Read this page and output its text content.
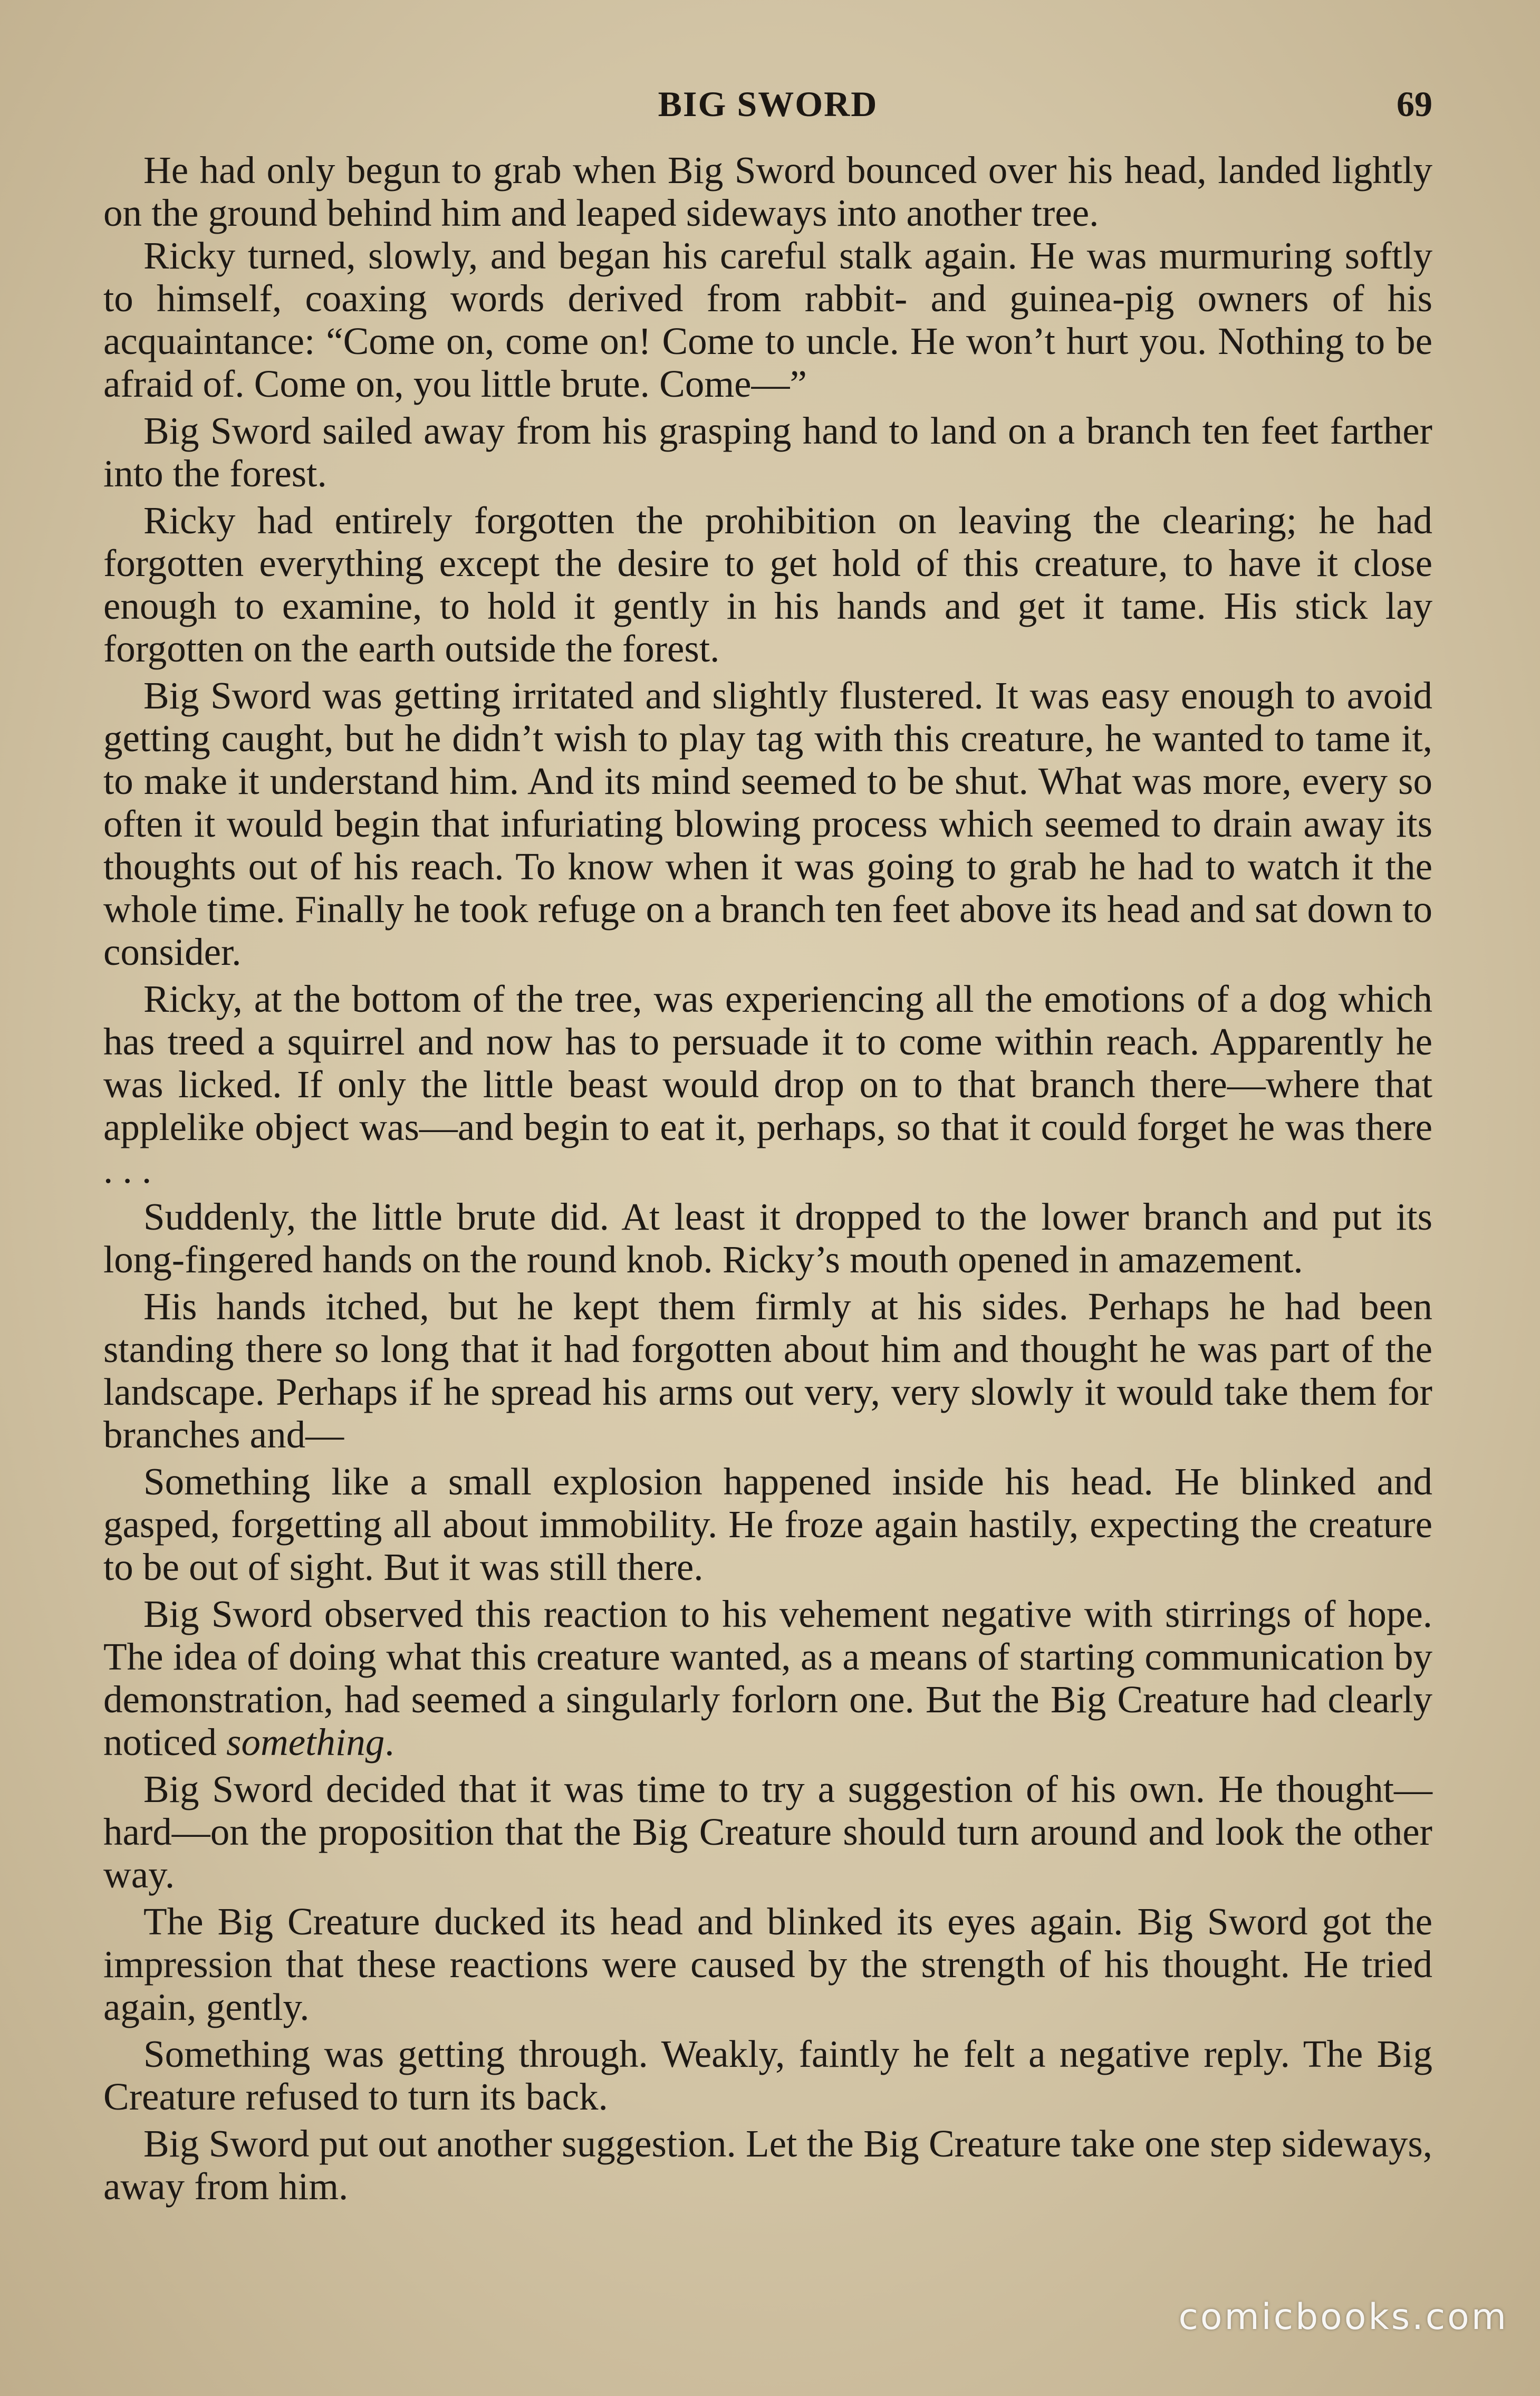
BIG SWORD	69

He had only begun to grab when Big Sword bounced over his head, landed lightly on the ground behind him and leaped sideways into another tree.

Ricky turned, slowly, and began his careful stalk again. He was murmuring softly to himself, coaxing words derived from rabbit- and guinea-pig owners of his acquaintance: “Come on, come on! Come to uncle. He won’t hurt you. Nothing to be afraid of. Come on, you little brute. Come—”

Big Sword sailed away from his grasping hand to land on a branch ten feet farther into the forest.

Ricky had entirely forgotten the prohibition on leaving the clearing; he had forgotten everything except the desire to get hold of this creature, to have it close enough to examine, to hold it gently in his hands and get it tame. His stick lay forgotten on the earth outside the forest.

Big Sword was getting irritated and slightly flustered. It was easy enough to avoid getting caught, but he didn’t wish to play tag with this creature, he wanted to tame it, to make it understand him. And its mind seemed to be shut. What was more, every so often it would begin that infuriating blowing process which seemed to drain away its thoughts out of his reach. To know when it was going to grab he had to watch it the whole time. Finally he took refuge on a branch ten feet above its head and sat down to consider.

Ricky, at the bottom of the tree, was experiencing all the emotions of a dog which has treed a squirrel and now has to persuade it to come within reach. Apparently he was licked. If only the little beast would drop on to that branch there—where that applelike object was—and begin to eat it, perhaps, so that it could forget he was there . . .

Suddenly, the little brute did. At least it dropped to the lower branch and put its long-fingered hands on the round knob. Ricky’s mouth opened in amazement.

His hands itched, but he kept them firmly at his sides. Perhaps he had been standing there so long that it had forgotten about him and thought he was part of the landscape. Perhaps if he spread his arms out very, very slowly it would take them for branches and—

Something like a small explosion happened inside his head. He blinked and gasped, forgetting all about immobility. He froze again hastily, expecting the creature to be out of sight. But it was still there.

Big Sword observed this reaction to his vehement negative with stirrings of hope. The idea of doing what this creature wanted, as a means of starting communication by demonstration, had seemed a singularly forlorn one. But the Big Creature had clearly noticed something.

Big Sword decided that it was time to try a suggestion of his own. He thought—hard—on the proposition that the Big Creature should turn around and look the other way.

The Big Creature ducked its head and blinked its eyes again. Big Sword got the impression that these reactions were caused by the strength of his thought. He tried again, gently.

Something was getting through. Weakly, faintly he felt a negative reply. The Big Creature refused to turn its back.

Big Sword put out another suggestion. Let the Big Creature take one step sideways, away from him.

comicbooks.com
